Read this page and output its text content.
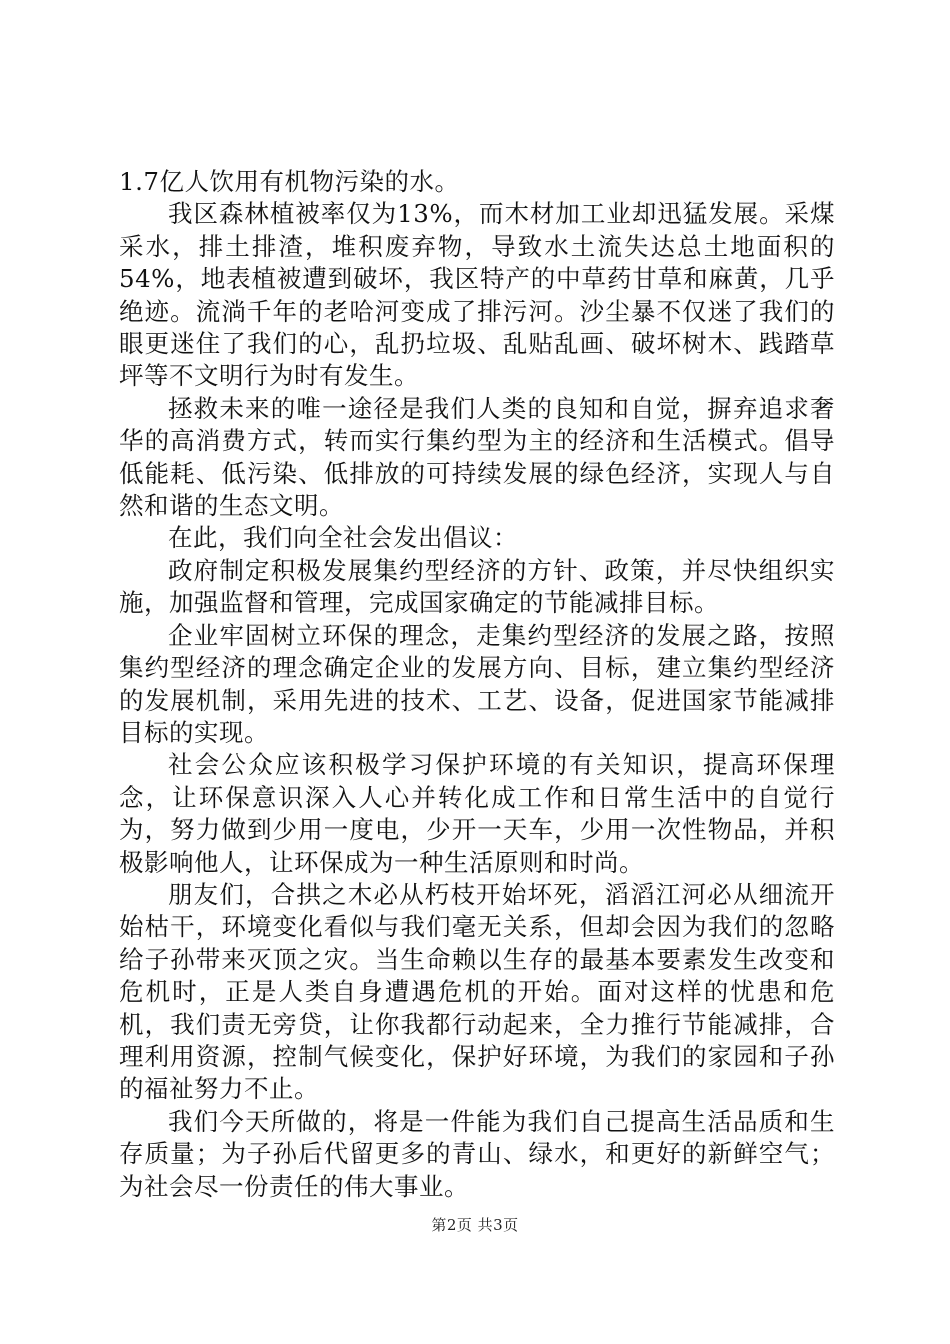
1.7亿人饮用有机物污染的水。

我区森林植被率仅为13%，而木材加工业却迅猛发展。采煤采水，排土排渣，堆积废弃物，导致水土流失达总土地面积的54%，地表植被遭到破坏，我区特产的中草药甘草和麻黄，几乎绝迹。流淌千年的老哈河变成了排污河。沙尘暴不仅迷了我们的眼更迷住了我们的心，乱扔垃圾、乱贴乱画、破坏树木、践踏草坪等不文明行为时有发生。

拯救未来的唯一途径是我们人类的良知和自觉，摒弃追求奢华的高消费方式，转而实行集约型为主的经济和生活模式。倡导低能耗、低污染、低排放的可持续发展的绿色经济，实现人与自然和谐的生态文明。

在此，我们向全社会发出倡议：

政府制定积极发展集约型经济的方针、政策，并尽快组织实施，加强监督和管理，完成国家确定的节能减排目标。

企业牢固树立环保的理念，走集约型经济的发展之路，按照集约型经济的理念确定企业的发展方向、目标，建立集约型经济的发展机制，采用先进的技术、工艺、设备，促进国家节能减排目标的实现。

社会公众应该积极学习保护环境的有关知识，提高环保理念，让环保意识深入人心并转化成工作和日常生活中的自觉行为，努力做到少用一度电，少开一天车，少用一次性物品，并积极影响他人，让环保成为一种生活原则和时尚。

朋友们，合拱之木必从朽枝开始坏死，滔滔江河必从细流开始枯干，环境变化看似与我们毫无关系，但却会因为我们的忽略给子孙带来灭顶之灾。当生命赖以生存的最基本要素发生改变和危机时，正是人类自身遭遇危机的开始。面对这样的忧患和危机，我们责无旁贷，让你我都行动起来，全力推行节能减排，合理利用资源，控制气候变化，保护好环境，为我们的家园和子孙的福祉努力不止。

我们今天所做的，将是一件能为我们自己提高生活品质和生存质量；为子孙后代留更多的青山、绿水，和更好的新鲜空气；为社会尽一份责任的伟大事业。

第2页 共3页
